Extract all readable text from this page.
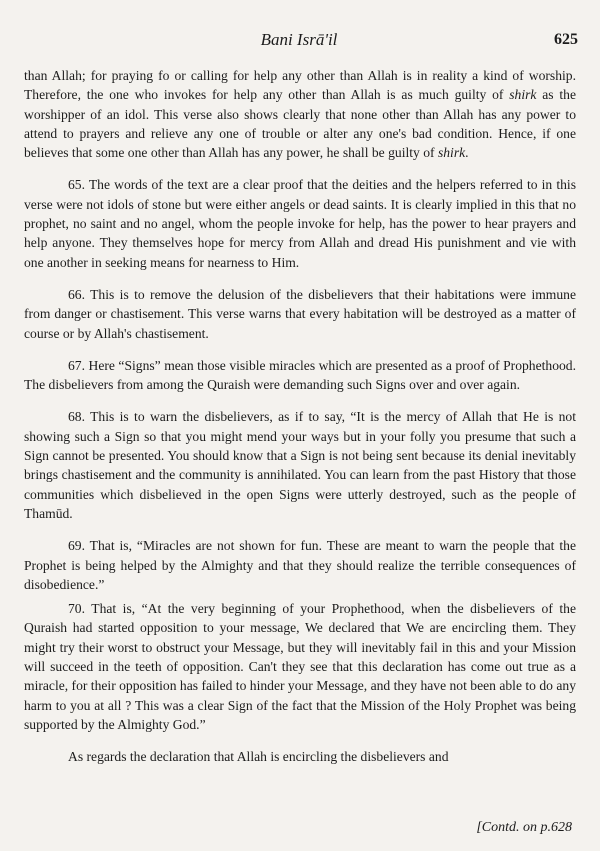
Bani Isrā'il	625

than Allah; for praying fo or calling for help any other than Allah is in reality a kind of worship. Therefore, the one who invokes for help any other than Allah is as much guilty of shirk as the worshipper of an idol. This verse also shows clearly that none other than Allah has any power to attend to prayers and relieve any one of trouble or alter any one's bad condition. Hence, if one believes that some one other than Allah has any power, he shall be guilty of shirk.

65. The words of the text are a clear proof that the deities and the helpers referred to in this verse were not idols of stone but were either angels or dead saints. It is clearly implied in this that no prophet, no saint and no angel, whom the people invoke for help, has the power to hear prayers and help anyone. They themselves hope for mercy from Allah and dread His punishment and vie with one another in seeking means for nearness to Him.

66. This is to remove the delusion of the disbelievers that their habitations were immune from danger or chastisement. This verse warns that every habitation will be destroyed as a matter of course or by Allah's chastisement.

67. Here “Signs” mean those visible miracles which are presented as a proof of Prophethood. The disbelievers from among the Quraish were demanding such Signs over and over again.

68. This is to warn the disbelievers, as if to say, “It is the mercy of Allah that He is not showing such a Sign so that you might mend your ways but in your folly you presume that such a Sign cannot be presented. You should know that a Sign is not being sent because its denial inevitably brings chastisement and the community is annihilated. You can learn from the past History that those communities which disbelieved in the open Signs were utterly destroyed, such as the people of Thamūd.

69. That is, “Miracles are not shown for fun. These are meant to warn the people that the Prophet is being helped by the Almighty and that they should realize the terrible consequences of disobedience.”

70. That is, “At the very beginning of your Prophethood, when the disbelievers of the Quraish had started opposition to your message, We declared that We are encircling them. They might try their worst to obstruct your Message, but they will inevitably fail in this and your Mission will succeed in the teeth of opposition. Can't they see that this declaration has come out true as a miracle, for their opposition has failed to hinder your Message, and they have not been able to do any harm to you at all ? This was a clear Sign of the fact that the Mission of the Holy Prophet was being supported by the Almighty God.”

As regards the declaration that Allah is encircling the disbelievers and

[Contd. on p.628
